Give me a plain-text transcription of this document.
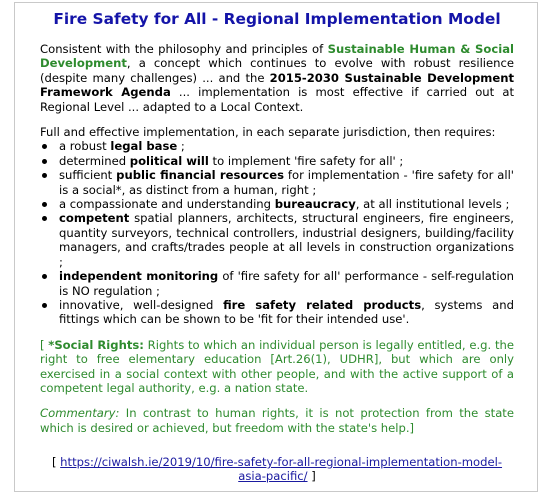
Fire Safety for All - Regional Implementation Model

Consistent with the philosophy and principles of Sustainable Human & Social Development, a concept which continues to evolve with robust resilience (despite many challenges) ... and the 2015-2030 Sustainable Development Framework Agenda ... implementation is most effective if carried out at Regional Level ... adapted to a Local Context.

Full and effective implementation, in each separate jurisdiction, then requires:

a robust legal base ;
determined political will to implement 'fire safety for all' ;
sufficient public financial resources for implementation - 'fire safety for all' is a social*, as distinct from a human, right ;
a compassionate and understanding bureaucracy, at all institutional levels ;
competent spatial planners, architects, structural engineers, fire engineers, quantity surveyors, technical controllers, industrial designers, building/facility managers, and crafts/trades people at all levels in construction organizations ;
independent monitoring of 'fire safety for all' performance - self-regulation is NO regulation ;
innovative, well-designed fire safety related products, systems and fittings which can be shown to be 'fit for their intended use'.

[ *Social Rights: Rights to which an individual person is legally entitled, e.g. the right to free elementary education [Art.26(1), UDHR], but which are only exercised in a social context with other people, and with the active support of a competent legal authority, e.g. a nation state.

Commentary: In contrast to human rights, it is not protection from the state which is desired or achieved, but freedom with the state's help.]

[ https://ciwalsh.ie/2019/10/fire-safety-for-all-regional-implementation-model-asia-pacific/ ]
